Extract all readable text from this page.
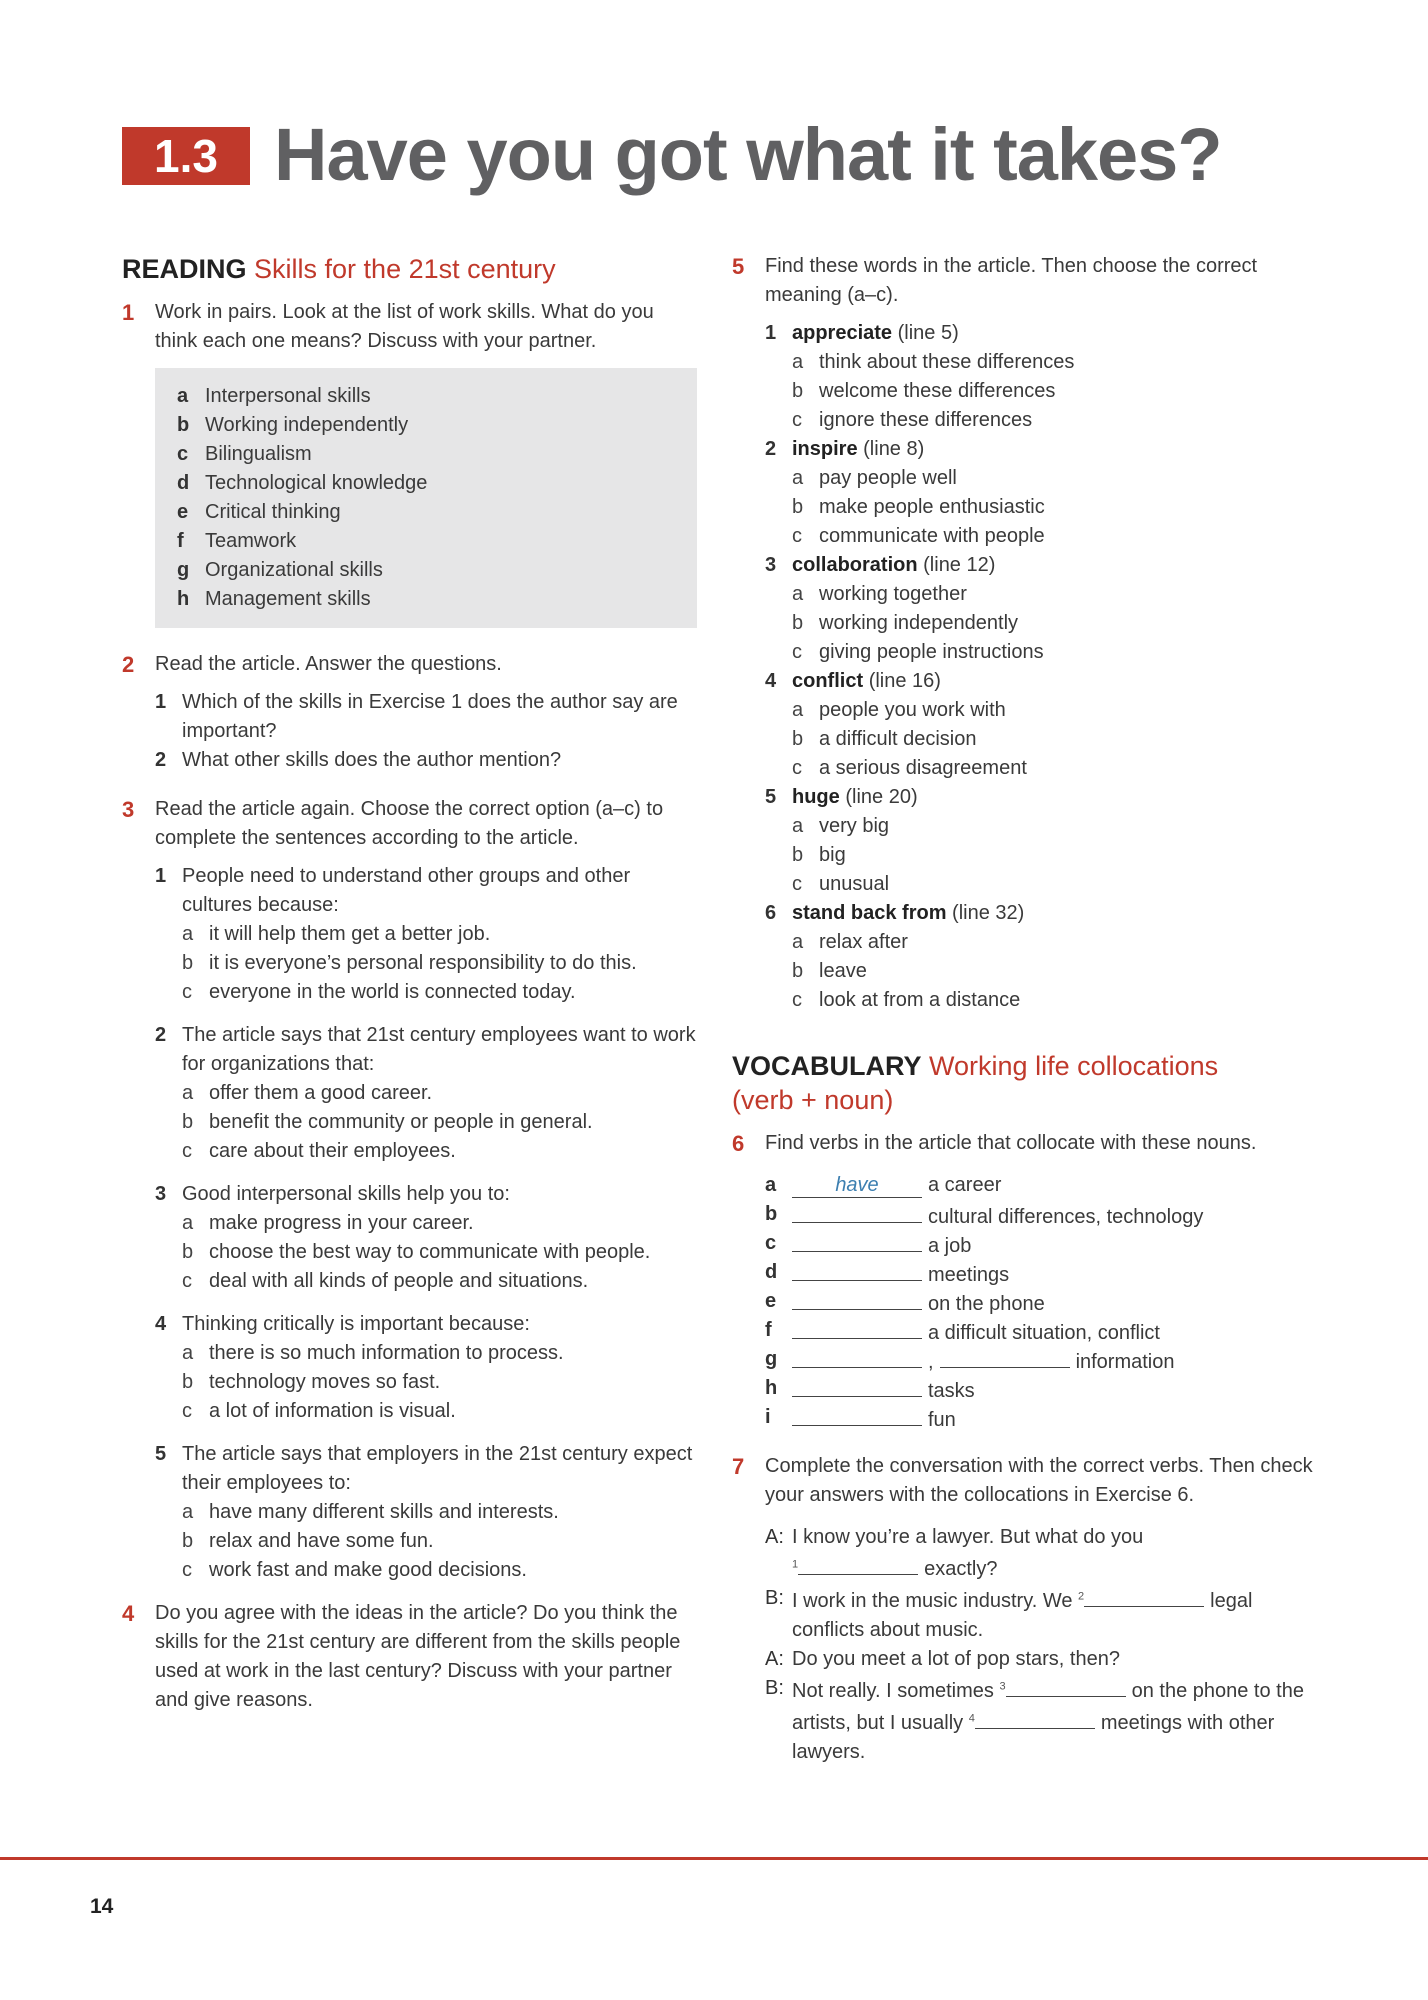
1.3 Have you got what it takes?
READING Skills for the 21st century
1 Work in pairs. Look at the list of work skills. What do you think each one means? Discuss with your partner.
a Interpersonal skills
b Working independently
c Bilingualism
d Technological knowledge
e Critical thinking
f Teamwork
g Organizational skills
h Management skills
2 Read the article. Answer the questions.
1 Which of the skills in Exercise 1 does the author say are important?
2 What other skills does the author mention?
3 Read the article again. Choose the correct option (a–c) to complete the sentences according to the article.
1 People need to understand other groups and other cultures because:
a it will help them get a better job.
b it is everyone’s personal responsibility to do this.
c everyone in the world is connected today.
2 The article says that 21st century employees want to work for organizations that:
a offer them a good career.
b benefit the community or people in general.
c care about their employees.
3 Good interpersonal skills help you to:
a make progress in your career.
b choose the best way to communicate with people.
c deal with all kinds of people and situations.
4 Thinking critically is important because:
a there is so much information to process.
b technology moves so fast.
c a lot of information is visual.
5 The article says that employers in the 21st century expect their employees to:
a have many different skills and interests.
b relax and have some fun.
c work fast and make good decisions.
4 Do you agree with the ideas in the article? Do you think the skills for the 21st century are different from the skills people used at work in the last century? Discuss with your partner and give reasons.
5 Find these words in the article. Then choose the correct meaning (a–c).
1 appreciate (line 5)
a think about these differences
b welcome these differences
c ignore these differences
2 inspire (line 8)
a pay people well
b make people enthusiastic
c communicate with people
3 collaboration (line 12)
a working together
b working independently
c giving people instructions
4 conflict (line 16)
a people you work with
b a difficult decision
c a serious disagreement
5 huge (line 20)
a very big
b big
c unusual
6 stand back from (line 32)
a relax after
b leave
c look at from a distance
VOCABULARY Working life collocations
(verb + noun)
6 Find verbs in the article that collocate with these nouns.
a	have a career
b	cultural differences, technology
c	a job
d	meetings
e	on the phone
f	a difficult situation, conflict
g	,	information
h	tasks
i	fun
7 Complete the conversation with the correct verbs. Then check your answers with the collocations in Exercise 6.
A: I know you’re a lawyer. But what do you
$^1$	exactly?
B: I work in the music industry. We $^2$	legal conflicts about music.
A: Do you meet a lot of pop stars, then?
B: Not really. I sometimes $^3$	on the phone to the artists, but I usually $^4$	meetings with other lawyers.
14
